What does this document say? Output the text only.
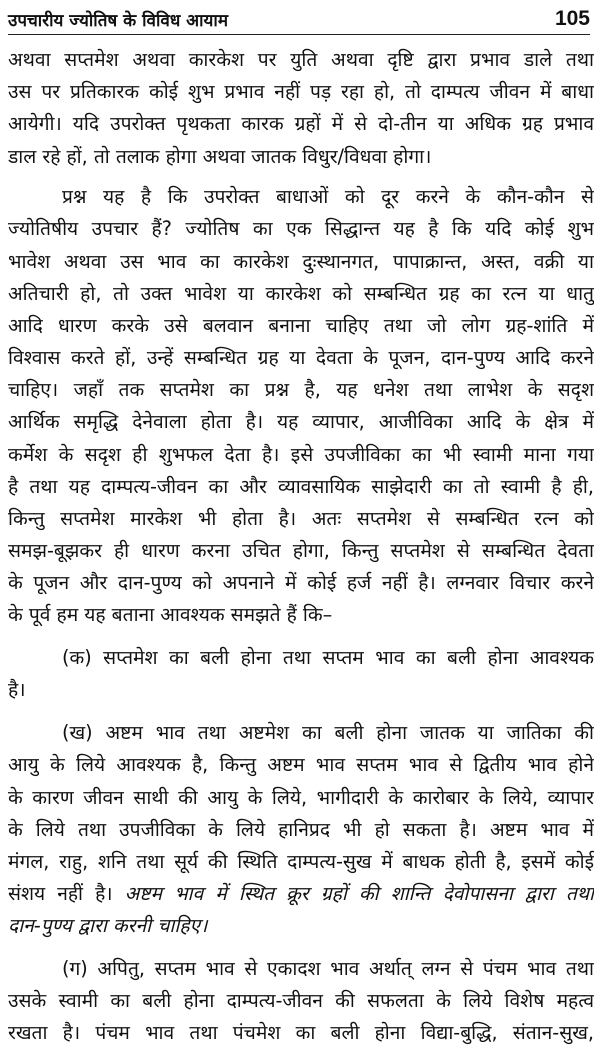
उपचारीय ज्योतिष के विविध आयाम	105
अथवा सप्तमेश अथवा कारकेश पर युति अथवा दृष्टि द्वारा प्रभाव डाले तथा
उस पर प्रतिकारक कोई शुभ प्रभाव नहीं पड़ रहा हो, तो दाम्पत्य जीवन में बाधा
आयेगी। यदि उपरोक्त पृथकता कारक ग्रहों में से दो-तीन या अधिक ग्रह प्रभाव
डाल रहे हों, तो तलाक होगा अथवा जातक विधुर/विधवा होगा।
प्रश्न यह है कि उपरोक्त बाधाओं को दूर करने के कौन-कौन से
ज्योतिषीय उपचार हैं? ज्योतिष का एक सिद्धान्त यह है कि यदि कोई शुभ
भावेश अथवा उस भाव का कारकेश दुःस्थानगत, पापाक्रान्त, अस्त, वक्री या
अतिचारी हो, तो उक्त भावेश या कारकेश को सम्बन्धित ग्रह का रत्न या धातु
आदि धारण करके उसे बलवान बनाना चाहिए तथा जो लोग ग्रह-शांति में
विश्वास करते हों, उन्हें सम्बन्धित ग्रह या देवता के पूजन, दान-पुण्य आदि करने
चाहिए। जहाँ तक सप्तमेश का प्रश्न है, यह धनेश तथा लाभेश के सदृश
आर्थिक समृद्धि देनेवाला होता है। यह व्यापार, आजीविका आदि के क्षेत्र में
कर्मेश के सदृश ही शुभफल देता है। इसे उपजीविका का भी स्वामी माना गया
है तथा यह दाम्पत्य-जीवन का और व्यावसायिक साझेदारी का तो स्वामी है ही,
किन्तु सप्तमेश मारकेश भी होता है। अतः सप्तमेश से सम्बन्धित रत्न को
समझ-बूझकर ही धारण करना उचित होगा, किन्तु सप्तमेश से सम्बन्धित देवता
के पूजन और दान-पुण्य को अपनाने में कोई हर्ज नहीं है। लग्नवार विचार करने
के पूर्व हम यह बताना आवश्यक समझते हैं कि–
(क) सप्तमेश का बली होना तथा सप्तम भाव का बली होना आवश्यक
है।
(ख) अष्टम भाव तथा अष्टमेश का बली होना जातक या जातिका की
आयु के लिये आवश्यक है, किन्तु अष्टम भाव सप्तम भाव से द्वितीय भाव होने
के कारण जीवन साथी की आयु के लिये, भागीदारी के कारोबार के लिये, व्यापार
के लिये तथा उपजीविका के लिये हानिप्रद भी हो सकता है। अष्टम भाव में
मंगल, राहु, शनि तथा सूर्य की स्थिति दाम्पत्य-सुख में बाधक होती है, इसमें कोई
संशय नहीं है। अष्टम भाव में स्थित क्रूर ग्रहों की शान्ति देवोपासना द्वारा तथा
दान-पुण्य द्वारा करनी चाहिए।
(ग) अपितु, सप्तम भाव से एकादश भाव अर्थात् लग्न से पंचम भाव तथा
उसके स्वामी का बली होना दाम्पत्य-जीवन की सफलता के लिये विशेष महत्व
रखता है। पंचम भाव तथा पंचमेश का बली होना विद्या-बुद्धि, संतान-सुख,
